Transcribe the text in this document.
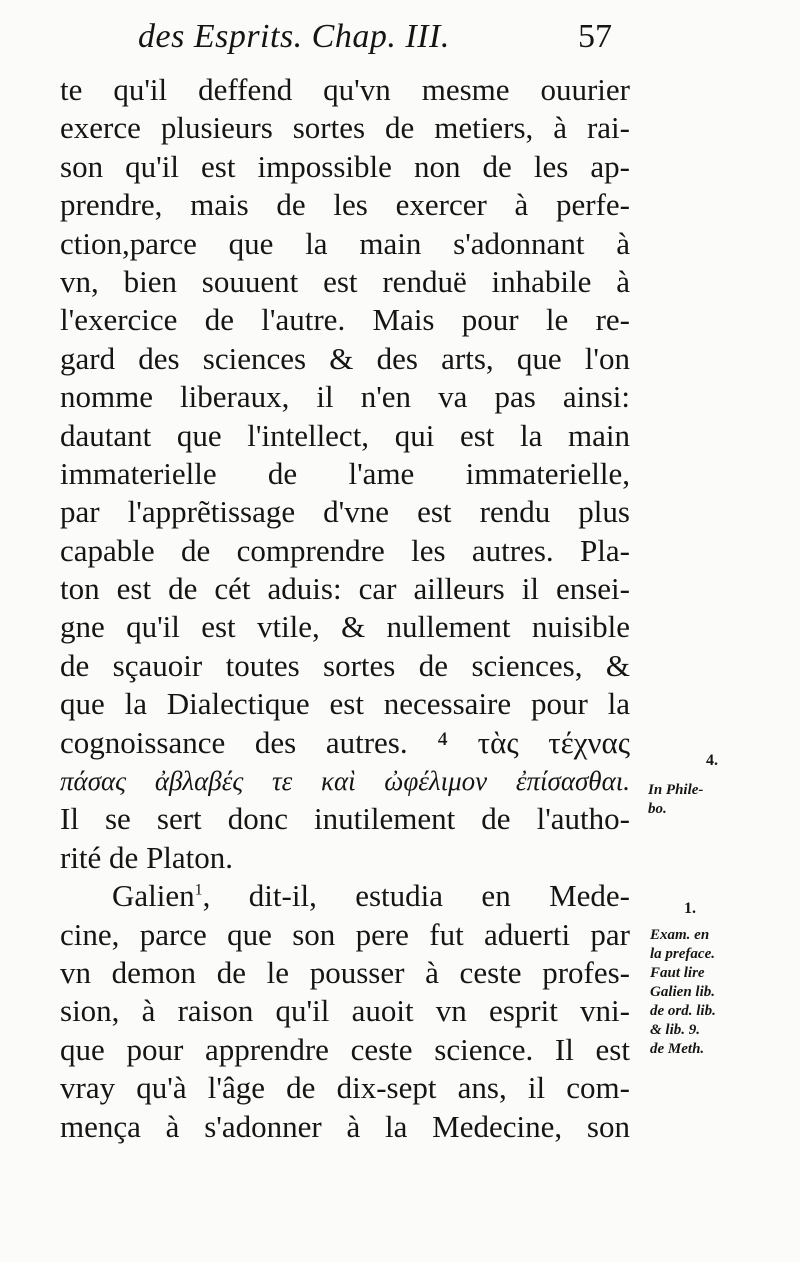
des Esprits. Chap. III.	57
te qu'il deffend qu'vn mesme ouurier
exerce plusieurs sortes de metiers, à rai-
son qu'il est impossible non de les ap-
prendre, mais de les exercer à perfe-
ction,parce que la main s'adonnant à
vn, bien souuent est renduë inhabile à
l'exercice de l'autre. Mais pour le re-
gard des sciences & des arts, que l'on
nomme liberaux, il n'en va pas ainsi:
dautant que l'intellect, qui est la main
immaterielle de l'ame immaterielle,
par l'apprẽtissage d'vne est rendu plus
capable de comprendre les autres. Pla-
ton est de cét aduis: car ailleurs il ensei-
gne qu'il est vtile, & nullement nuisible
de sçauoir toutes sortes de sciences, &
que la Dialectique est necessaire pour la
cognoissance des autres. ⁴ τὰς τέχνας
πάσας ἀβλαβές τε καὶ ὠφέλιμον ἐπίσασθαι.
Il se sert donc inutilement de l'autho-
rité de Platon.
Galien$^1$, dit-il, estudia en Mede-
cine, parce que son pere fut aduerti par
vn demon de le pousser à ceste profes-
sion, à raison qu'il auoit vn esprit vni-
que pour apprendre ceste science. Il est
vray qu'à l'âge de dix-sept ans, il com-
mença à s'adonner à la Medecine, son
4.
In Phile-
bo.
1.
Exam. en
la preface.
Faut lire
Galien lib.
de ord. lib.
& lib. 9.
de Meth.
